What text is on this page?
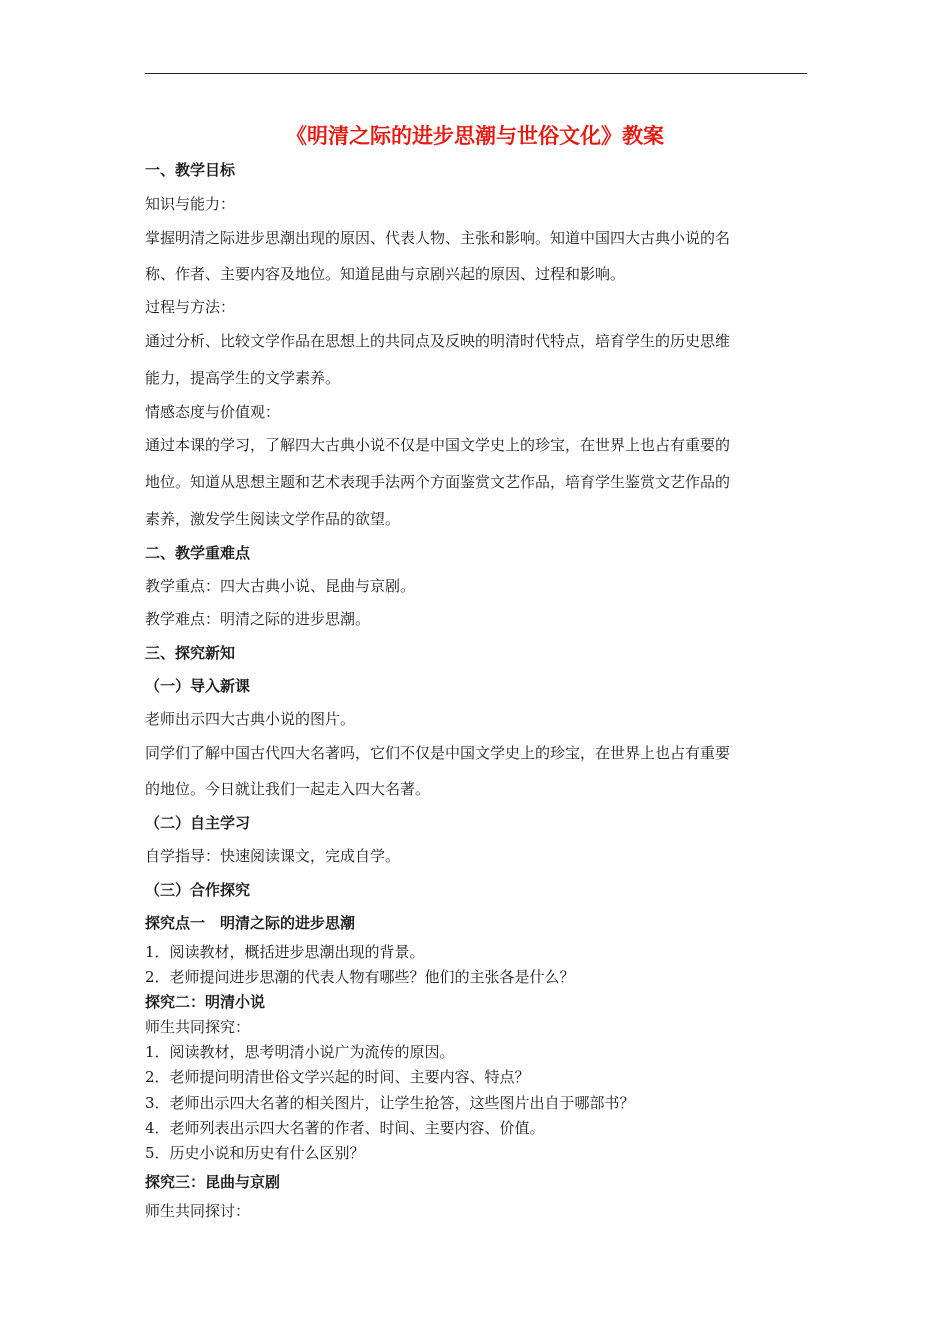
《明清之际的进步思潮与世俗文化》教案
一、教学目标
知识与能力：
掌握明清之际进步思潮出现的原因、代表人物、主张和影响。知道中国四大古典小说的名
称、作者、主要内容及地位。知道昆曲与京剧兴起的原因、过程和影响。
过程与方法：
通过分析、比较文学作品在思想上的共同点及反映的明清时代特点，培育学生的历史思维
能力，提高学生的文学素养。
情感态度与价值观：
通过本课的学习，了解四大古典小说不仅是中国文学史上的珍宝，在世界上也占有重要的
地位。知道从思想主题和艺术表现手法两个方面鉴赏文艺作品，培育学生鉴赏文艺作品的
素养，激发学生阅读文学作品的欲望。
二、教学重难点
教学重点：四大古典小说、昆曲与京剧。
教学难点：明清之际的进步思潮。
三、探究新知
（一）导入新课
老师出示四大古典小说的图片。
同学们了解中国古代四大名著吗，它们不仅是中国文学史上的珍宝，在世界上也占有重要
的地位。今日就让我们一起走入四大名著。
（二）自主学习
自学指导：快速阅读课文，完成自学。
（三）合作探究
探究点一　明清之际的进步思潮
1．阅读教材，概括进步思潮出现的背景。
2．老师提问进步思潮的代表人物有哪些？他们的主张各是什么？
探究二：明清小说
师生共同探究：
1．阅读教材，思考明清小说广为流传的原因。
2．老师提问明清世俗文学兴起的时间、主要内容、特点？
3．老师出示四大名著的相关图片，让学生抢答，这些图片出自于哪部书？
4．老师列表出示四大名著的作者、时间、主要内容、价值。
5．历史小说和历史有什么区别？
探究三：昆曲与京剧
师生共同探讨：
